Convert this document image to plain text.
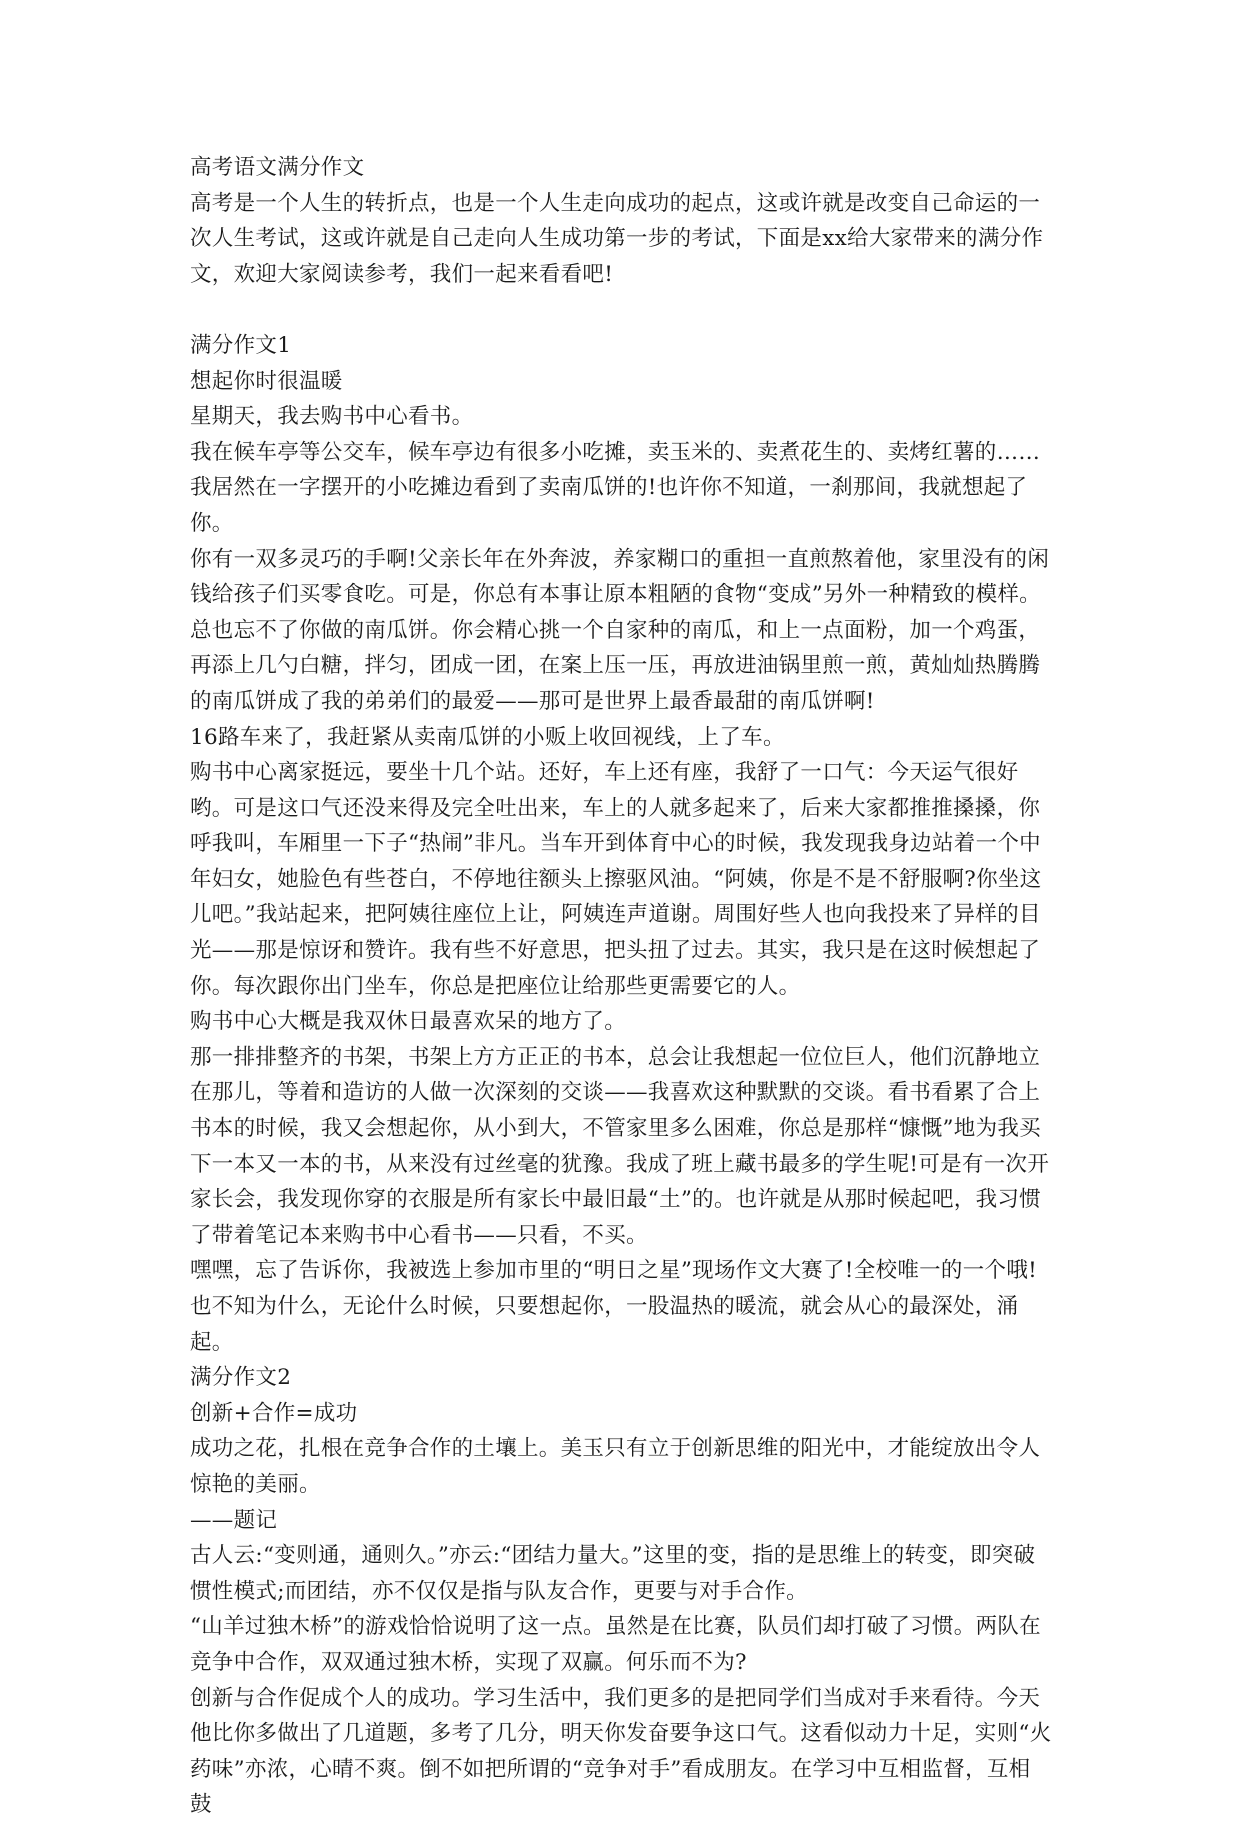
高考语文满分作文

高考是一个人生的转折点，也是一个人生走向成功的起点，这或许就是改变自己命运的一次人生考试，这或许就是自己走向人生成功第一步的考试，下面是xx给大家带来的满分作文，欢迎大家阅读参考，我们一起来看看吧!

满分作文1

想起你时很温暖

星期天，我去购书中心看书。

我在候车亭等公交车，候车亭边有很多小吃摊，卖玉米的、卖煮花生的、卖烤红薯的……我居然在一字摆开的小吃摊边看到了卖南瓜饼的!也许你不知道，一刹那间，我就想起了你。

你有一双多灵巧的手啊!父亲长年在外奔波，养家糊口的重担一直煎熬着他，家里没有的闲钱给孩子们买零食吃。可是，你总有本事让原本粗陋的食物“变成”另外一种精致的模样。总也忘不了你做的南瓜饼。你会精心挑一个自家种的南瓜，和上一点面粉，加一个鸡蛋，再添上几勺白糖，拌匀，团成一团，在案上压一压，再放进油锅里煎一煎，黄灿灿热腾腾的南瓜饼成了我的弟弟们的最爱——那可是世界上最香最甜的南瓜饼啊!

16路车来了，我赶紧从卖南瓜饼的小贩上收回视线，上了车。

购书中心离家挺远，要坐十几个站。还好，车上还有座，我舒了一口气：今天运气很好哟。可是这口气还没来得及完全吐出来，车上的人就多起来了，后来大家都推推搡搡，你呼我叫，车厢里一下子“热闹”非凡。当车开到体育中心的时候，我发现我身边站着一个中年妇女，她脸色有些苍白，不停地往额头上擦驱风油。“阿姨，你是不是不舒服啊?你坐这儿吧。”我站起来，把阿姨往座位上让，阿姨连声道谢。周围好些人也向我投来了异样的目光——那是惊讶和赞许。我有些不好意思，把头扭了过去。其实，我只是在这时候想起了你。每次跟你出门坐车，你总是把座位让给那些更需要它的人。

购书中心大概是我双休日最喜欢呆的地方了。

那一排排整齐的书架，书架上方方正正的书本，总会让我想起一位位巨人，他们沉静地立在那儿，等着和造访的人做一次深刻的交谈——我喜欢这种默默的交谈。看书看累了合上书本的时候，我又会想起你，从小到大，不管家里多么困难，你总是那样“慷慨”地为我买下一本又一本的书，从来没有过丝毫的犹豫。我成了班上藏书最多的学生呢!可是有一次开家长会，我发现你穿的衣服是所有家长中最旧最“土”的。也许就是从那时候起吧，我习惯了带着笔记本来购书中心看书——只看，不买。

嘿嘿，忘了告诉你，我被选上参加市里的“明日之星”现场作文大赛了!全校唯一的一个哦!也不知为什么，无论什么时候，只要想起你，一股温热的暖流，就会从心的最深处，涌起。

满分作文2

创新+合作=成功

成功之花，扎根在竞争合作的土壤上。美玉只有立于创新思维的阳光中，才能绽放出令人惊艳的美丽。

——题记

古人云:“变则通，通则久。”亦云:“团结力量大。”这里的变，指的是思维上的转变，即突破惯性模式;而团结，亦不仅仅是指与队友合作，更要与对手合作。

“山羊过独木桥”的游戏恰恰说明了这一点。虽然是在比赛，队员们却打破了习惯。两队在竞争中合作，双双通过独木桥，实现了双赢。何乐而不为?

创新与合作促成个人的成功。学习生活中，我们更多的是把同学们当成对手来看待。今天他比你多做出了几道题，多考了几分，明天你发奋要争这口气。这看似动力十足，实则“火药味”亦浓，心晴不爽。倒不如把所谓的“竞争对手”看成朋友。在学习中互相监督，互相鼓
